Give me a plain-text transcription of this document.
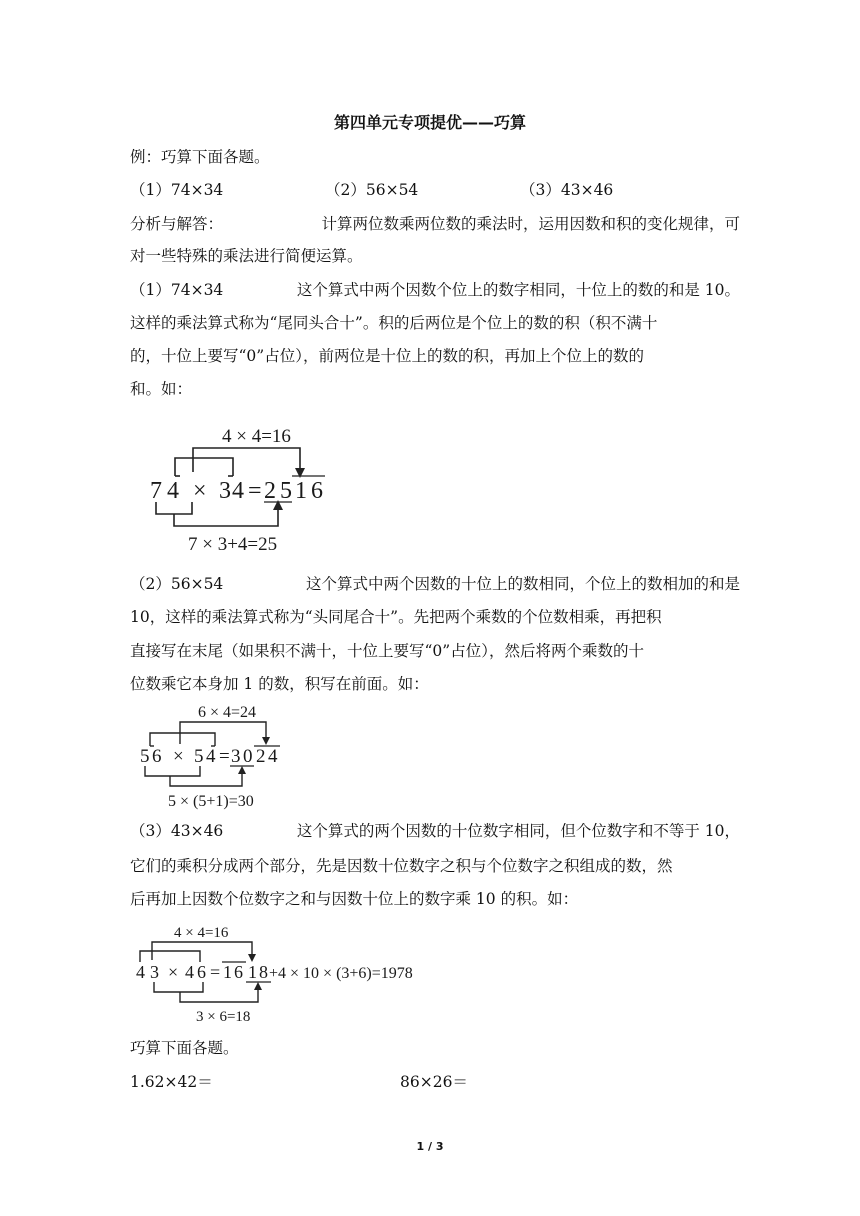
第四单元专项提优——巧算
例：巧算下面各题。
（1）74×34	（2）56×54	（3）43×46
分析与解答：	计算两位数乘两位数的乘法时，运用因数和积的变化规律，可
对一些特殊的乘法进行简便运算。
（1）74×34	这个算式中两个因数个位上的数字相同，十位上的数的和是 10。
这样的乘法算式称为“尾同头合十”。积的后两位是个位上的数的积（积不满十
的，十位上要写“0”占位），前两位是十位上的数的积，再加上个位上的数的
和。如：
4 × 4=16
7 4 × 3 4 = 2 5 1 6
7 × 3+4=25
（2）56×54	这个算式中两个因数的十位上的数相同，个位上的数相加的和是
10，这样的乘法算式称为“头同尾合十”。先把两个乘数的个位数相乘，再把积
直接写在末尾（如果积不满十，十位上要写“0”占位），然后将两个乘数的十
位数乘它本身加 1 的数，积写在前面。如：
6 × 4=24
5 6 × 5 4 = 3 0 2 4
5 × (5+1)=30
（3）43×46	这个算式的两个因数的十位数字相同，但个位数字和不等于 10，
它们的乘积分成两个部分，先是因数十位数字之积与个位数字之积组成的数，然
后再加上因数个位数字之和与因数十位上的数字乘 10 的积。如：
4 × 4=16
4 3 × 4 6 = 1 6 1 8 +4 × 10 × (3+6)=1978
3 × 6=18
巧算下面各题。
1.62×42＝	86×26＝
1 / 3
